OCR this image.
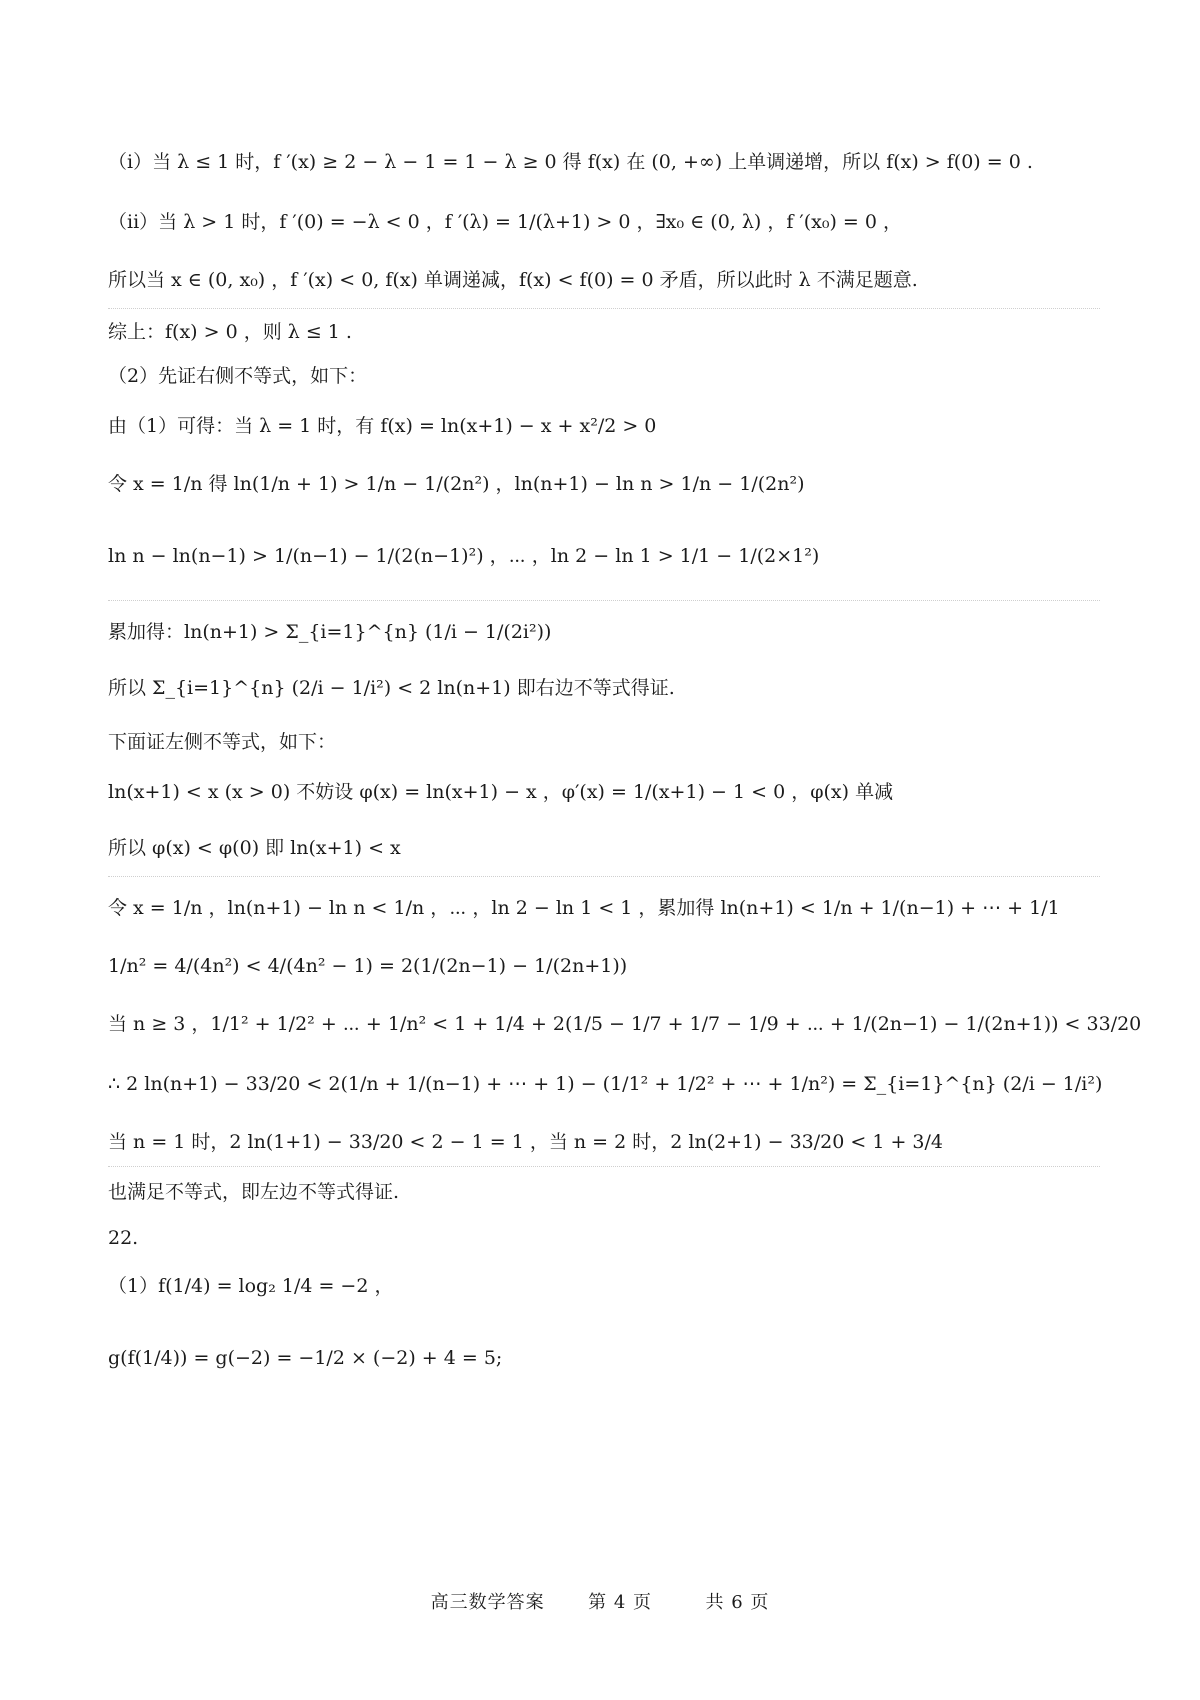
（i）当 λ ≤ 1 时，f ′(x) ≥ 2 − λ − 1 = 1 − λ ≥ 0 得 f(x) 在 (0, +∞) 上单调递增，所以 f(x) > f(0) = 0 .
（ii）当 λ > 1 时，f ′(0) = −λ < 0 ，f ′(λ) = 1/(λ+1) > 0 ，∃x₀ ∈ (0, λ) ，f ′(x₀) = 0 ，
所以当 x ∈ (0, x₀) ，f ′(x) < 0, f(x) 单调递减，f(x) < f(0) = 0 矛盾，所以此时 λ 不满足题意.
综上：f(x) > 0 ，则 λ ≤ 1 .
（2）先证右侧不等式，如下：
由（1）可得：当 λ = 1 时，有 f(x) = ln(x+1) − x + x²/2 > 0
令 x = 1/n 得 ln(1/n + 1) > 1/n − 1/(2n²) ，ln(n+1) − ln n > 1/n − 1/(2n²)
ln n − ln(n−1) > 1/(n−1) − 1/(2(n−1)²) ，⋯ ，ln 2 − ln 1 > 1/1 − 1/(2×1²)
累加得：ln(n+1) > Σ_{i=1}^{n} (1/i − 1/(2i²))
所以 Σ_{i=1}^{n} (2/i − 1/i²) < 2 ln(n+1) 即右边不等式得证.
下面证左侧不等式，如下：
ln(x+1) < x (x > 0) 不妨设 φ(x) = ln(x+1) − x ，φ′(x) = 1/(x+1) − 1 < 0 ，φ(x) 单减
所以 φ(x) < φ(0) 即 ln(x+1) < x
令 x = 1/n ，ln(n+1) − ln n < 1/n ，⋯ ，ln 2 − ln 1 < 1 ，累加得 ln(n+1) < 1/n + 1/(n−1) + ⋯ + 1/1
1/n² = 4/(4n²) < 4/(4n² − 1) = 2(1/(2n−1) − 1/(2n+1))
当 n ≥ 3 ，1/1² + 1/2² + ⋯ + 1/n² < 1 + 1/4 + 2(1/5 − 1/7 + 1/7 − 1/9 + ⋯ + 1/(2n−1) − 1/(2n+1)) < 33/20
∴ 2 ln(n+1) − 33/20 < 2(1/n + 1/(n−1) + ⋯ + 1) − (1/1² + 1/2² + ⋯ + 1/n²) = Σ_{i=1}^{n} (2/i − 1/i²)
当 n = 1 时，2 ln(1+1) − 33/20 < 2 − 1 = 1 ，当 n = 2 时，2 ln(2+1) − 33/20 < 1 + 3/4
也满足不等式，即左边不等式得证.
22.
（1）f(1/4) = log₂ 1/4 = −2 ，
g(f(1/4)) = g(−2) = −1/2 × (−2) + 4 = 5;
高三数学答案 第 4 页	共 6 页
